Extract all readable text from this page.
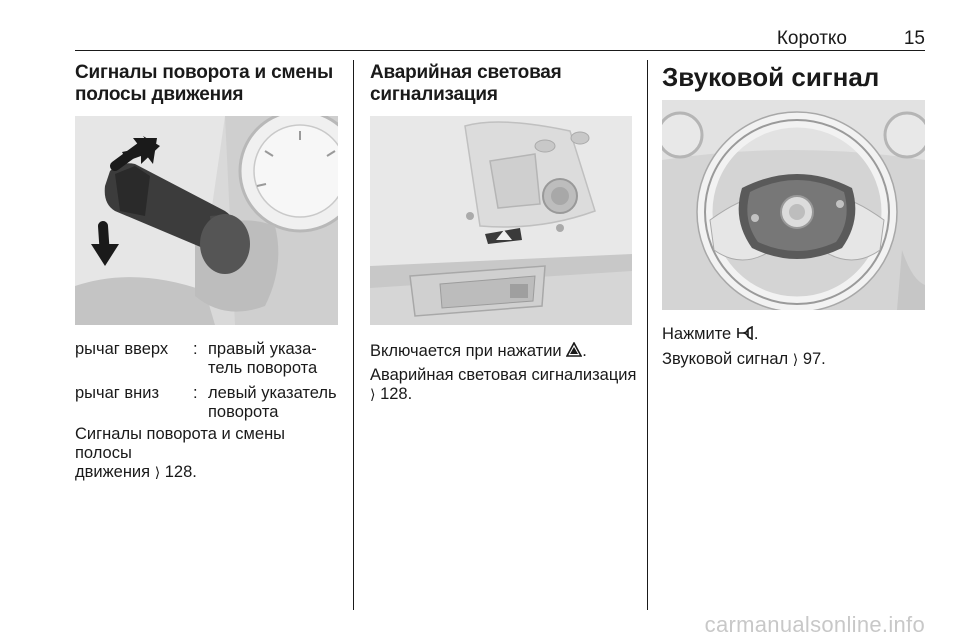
Коротко	15
Сигналы поворота и смены
полосы движения
рычаг вверх : правый указа-
тель поворота
рычаг вниз : левый указатель
поворота
Сигналы поворота и смены полосы
движения ⟩ 128.
Аварийная световая
сигнализация
Включается при нажатии .
Аварийная световая сигнализация
⟩ 128.
Звуковой сигнал
Нажмите .
Звуковой сигнал ⟩ 97.
carmanualsonline.info
